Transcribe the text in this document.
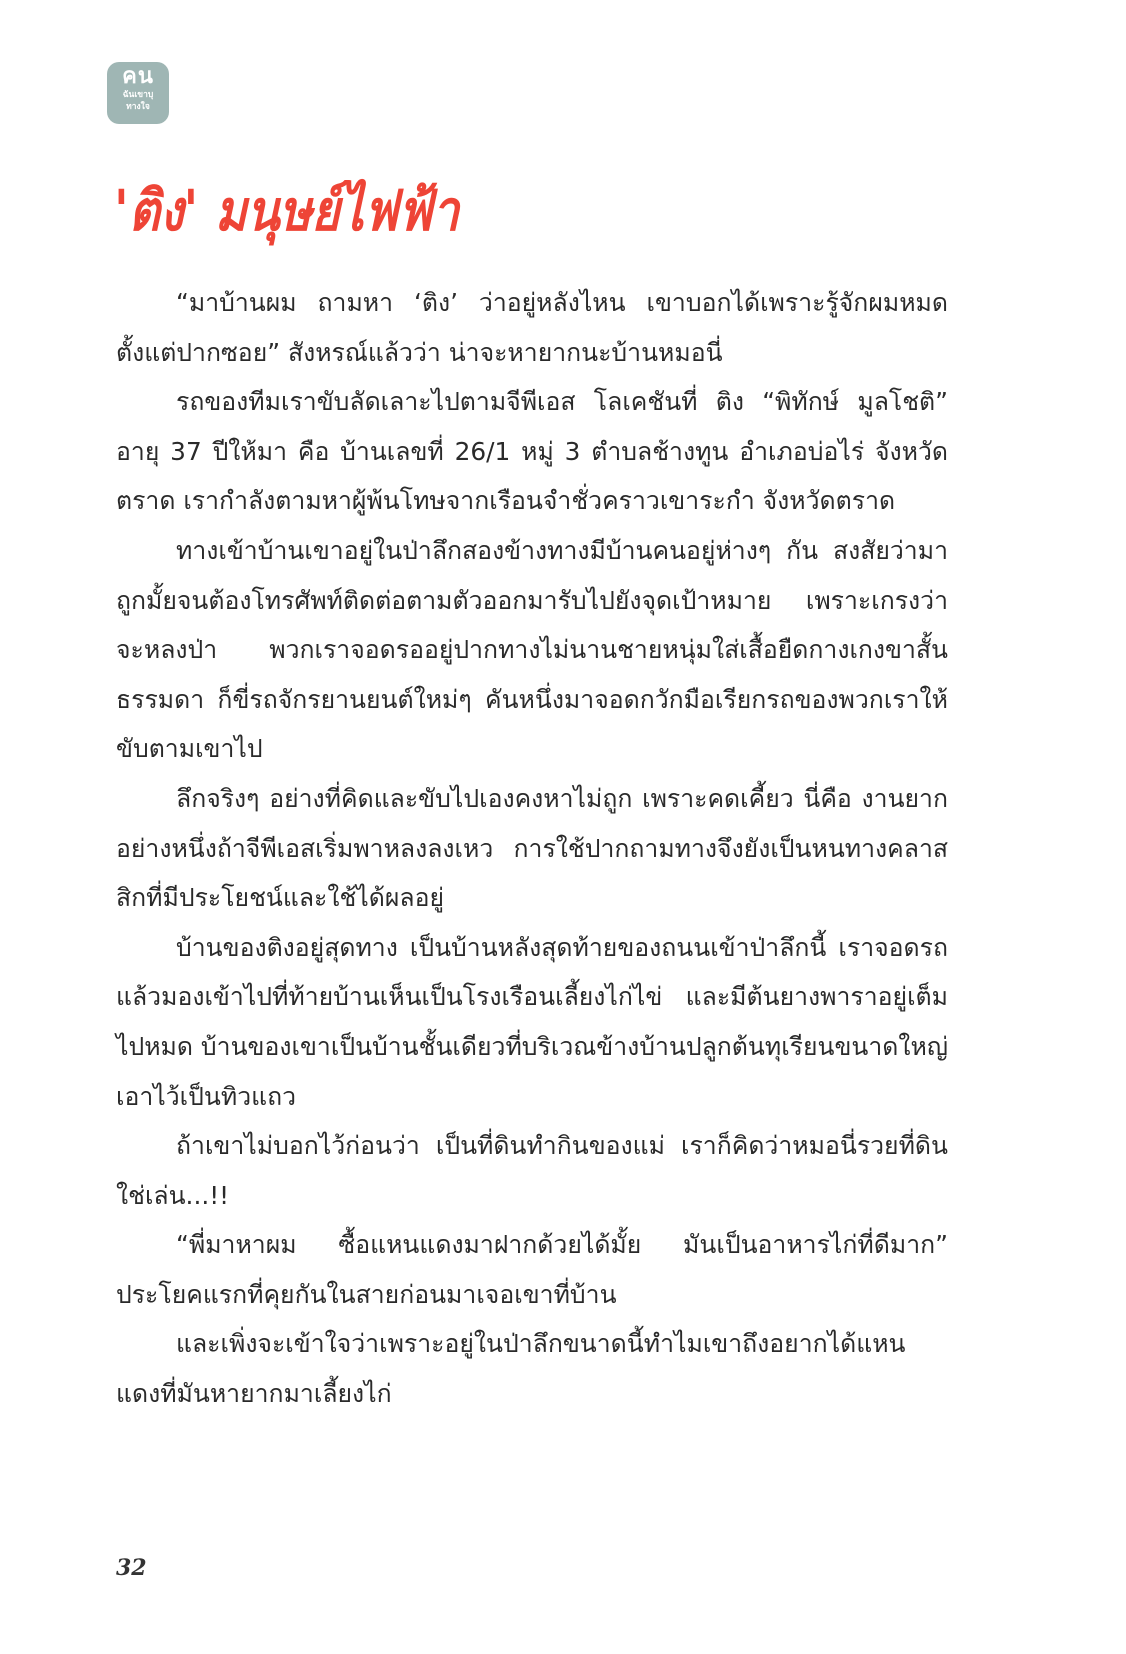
คน
ฉันเขาบุ
ทางใจ
'ติง' มนุษย์ไฟฟ้า

“มาบ้านผม ถามหา ‘ติง’ ว่าอยู่หลังไหน เขาบอกได้เพราะรู้จักผมหมดตั้งแต่ปากซอย” สังหรณ์แล้วว่า น่าจะหายากนะบ้านหมอนี่

รถของทีมเราขับลัดเลาะไปตามจีพีเอส โลเคชันที่ ติง “พิทักษ์ มูลโชติ” อายุ 37 ปีให้มา คือ บ้านเลขที่ 26/1 หมู่ 3 ตำบลช้างทูน อำเภอบ่อไร่ จังหวัดตราด เรากำลังตามหาผู้พ้นโทษจากเรือนจำชั่วคราวเขาระกำ จังหวัดตราด

ทางเข้าบ้านเขาอยู่ในป่าลึกสองข้างทางมีบ้านคนอยู่ห่างๆ กัน สงสัยว่ามาถูกมั้ยจนต้องโทรศัพท์ติดต่อตามตัวออกมารับไปยังจุดเป้าหมาย เพราะเกรงว่าจะหลงป่า พวกเราจอดรออยู่ปากทางไม่นานชายหนุ่มใส่เสื้อยืดกางเกงขาสั้นธรรมดา ก็ขี่รถจักรยานยนต์ใหม่ๆ คันหนึ่งมาจอดกวักมือเรียกรถของพวกเราให้ขับตามเขาไป

ลึกจริงๆ อย่างที่คิดและขับไปเองคงหาไม่ถูก เพราะคดเคี้ยว นี่คือ งานยากอย่างหนึ่งถ้าจีพีเอสเริ่มพาหลงลงเหว การใช้ปากถามทางจึงยังเป็นหนทางคลาสสิกที่มีประโยชน์และใช้ได้ผลอยู่

บ้านของติงอยู่สุดทาง เป็นบ้านหลังสุดท้ายของถนนเข้าป่าลึกนี้ เราจอดรถแล้วมองเข้าไปที่ท้ายบ้านเห็นเป็นโรงเรือนเลี้ยงไก่ไข่ และมีต้นยางพาราอยู่เต็มไปหมด บ้านของเขาเป็นบ้านชั้นเดียวที่บริเวณข้างบ้านปลูกต้นทุเรียนขนาดใหญ่เอาไว้เป็นทิวแถว

ถ้าเขาไม่บอกไว้ก่อนว่า เป็นที่ดินทำกินของแม่ เราก็คิดว่าหมอนี่รวยที่ดินใช่เล่น...!!

“พี่มาหาผม ซื้อแหนแดงมาฝากด้วยได้มั้ย มันเป็นอาหารไก่ที่ดีมาก” ประโยคแรกที่คุยกันในสายก่อนมาเจอเขาที่บ้าน

และเพิ่งจะเข้าใจว่าเพราะอยู่ในป่าลึกขนาดนี้ทำไมเขาถึงอยากได้แหนแดงที่มันหายากมาเลี้ยงไก่

32
